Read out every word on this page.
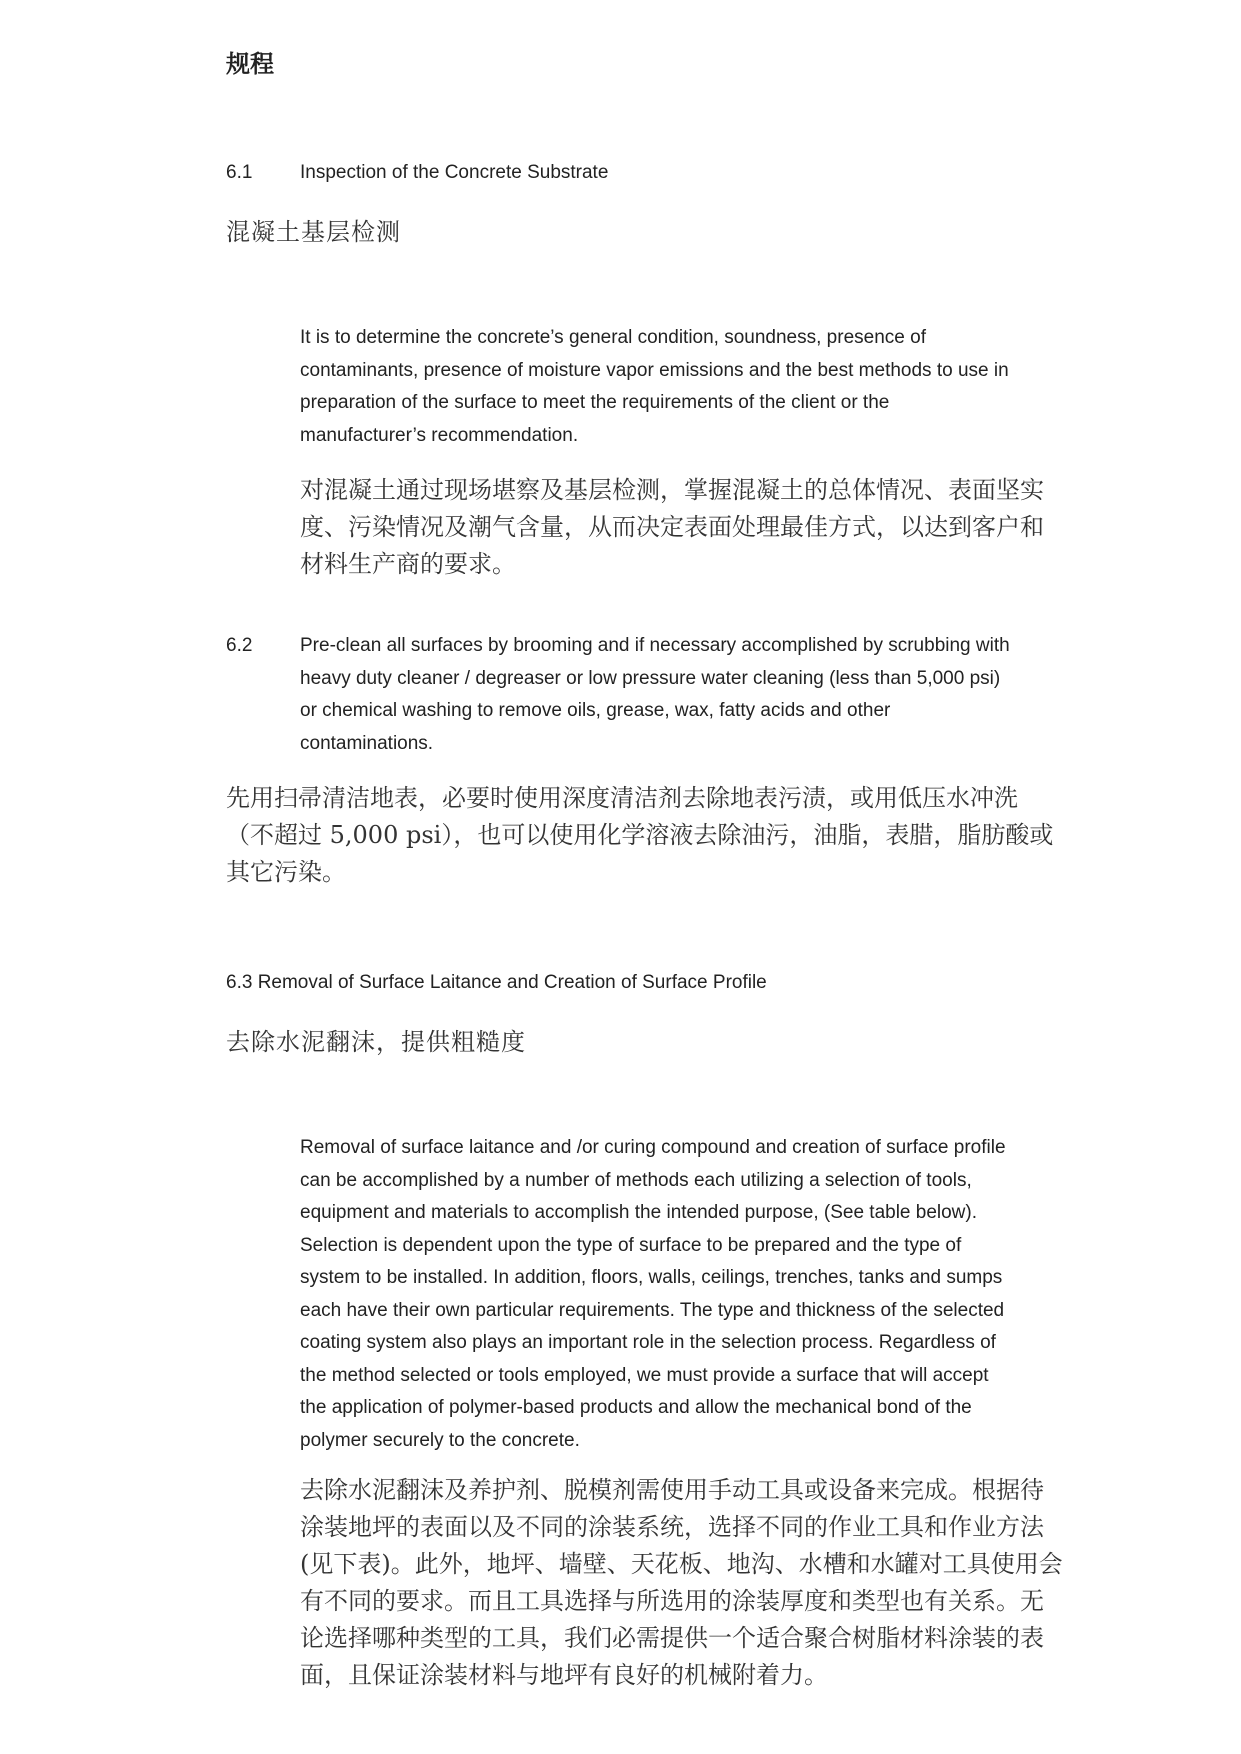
规程
6.1	Inspection of the Concrete Substrate
混凝土基层检测

It is to determine the concrete’s general condition, soundness, presence of

contaminants, presence of moisture vapor emissions and the best methods to use in

preparation of the surface to meet the requirements of the client or the

manufacturer’s recommendation.

对混凝土通过现场堪察及基层检测，掌握混凝土的总体情况、表面坚实

度、污染情况及潮气含量，从而决定表面处理最佳方式，以达到客户和

材料生产商的要求。

6.2	Pre-clean all surfaces by brooming and if necessary accomplished by scrubbing with

heavy duty cleaner / degreaser or low pressure water cleaning (less than 5,000 psi)

or chemical washing to remove oils, grease, wax, fatty acids and other

contaminations.

先用扫帚清洁地表，必要时使用深度清洁剂去除地表污渍，或用低压水冲洗

（不超过 5,000 psi），也可以使用化学溶液去除油污，油脂，表腊，脂肪酸或

其它污染。

6.3 Removal of Surface Laitance and Creation of Surface Profile
去除水泥翻沫，提供粗糙度

Removal of surface laitance and /or curing compound and creation of surface profile

can be accomplished by a number of methods each utilizing a selection of tools,

equipment and materials to accomplish the intended purpose, (See table below).

Selection is dependent upon the type of surface to be prepared and the type of

system to be installed. In addition, floors, walls, ceilings, trenches, tanks and sumps

each have their own particular requirements. The type and thickness of the selected

coating system also plays an important role in the selection process. Regardless of

the method selected or tools employed, we must provide a surface that will accept

the application of polymer-based products and allow the mechanical bond of the

polymer securely to the concrete.

去除水泥翻沫及养护剂、脱模剂需使用手动工具或设备来完成。根据待

涂装地坪的表面以及不同的涂装系统，选择不同的作业工具和作业方法

(见下表)。此外，地坪、墙壁、天花板、地沟、水槽和水罐对工具使用会

有不同的要求。而且工具选择与所选用的涂装厚度和类型也有关系。无

论选择哪种类型的工具，我们必需提供一个适合聚合树脂材料涂装的表

面，且保证涂装材料与地坪有良好的机械附着力。
